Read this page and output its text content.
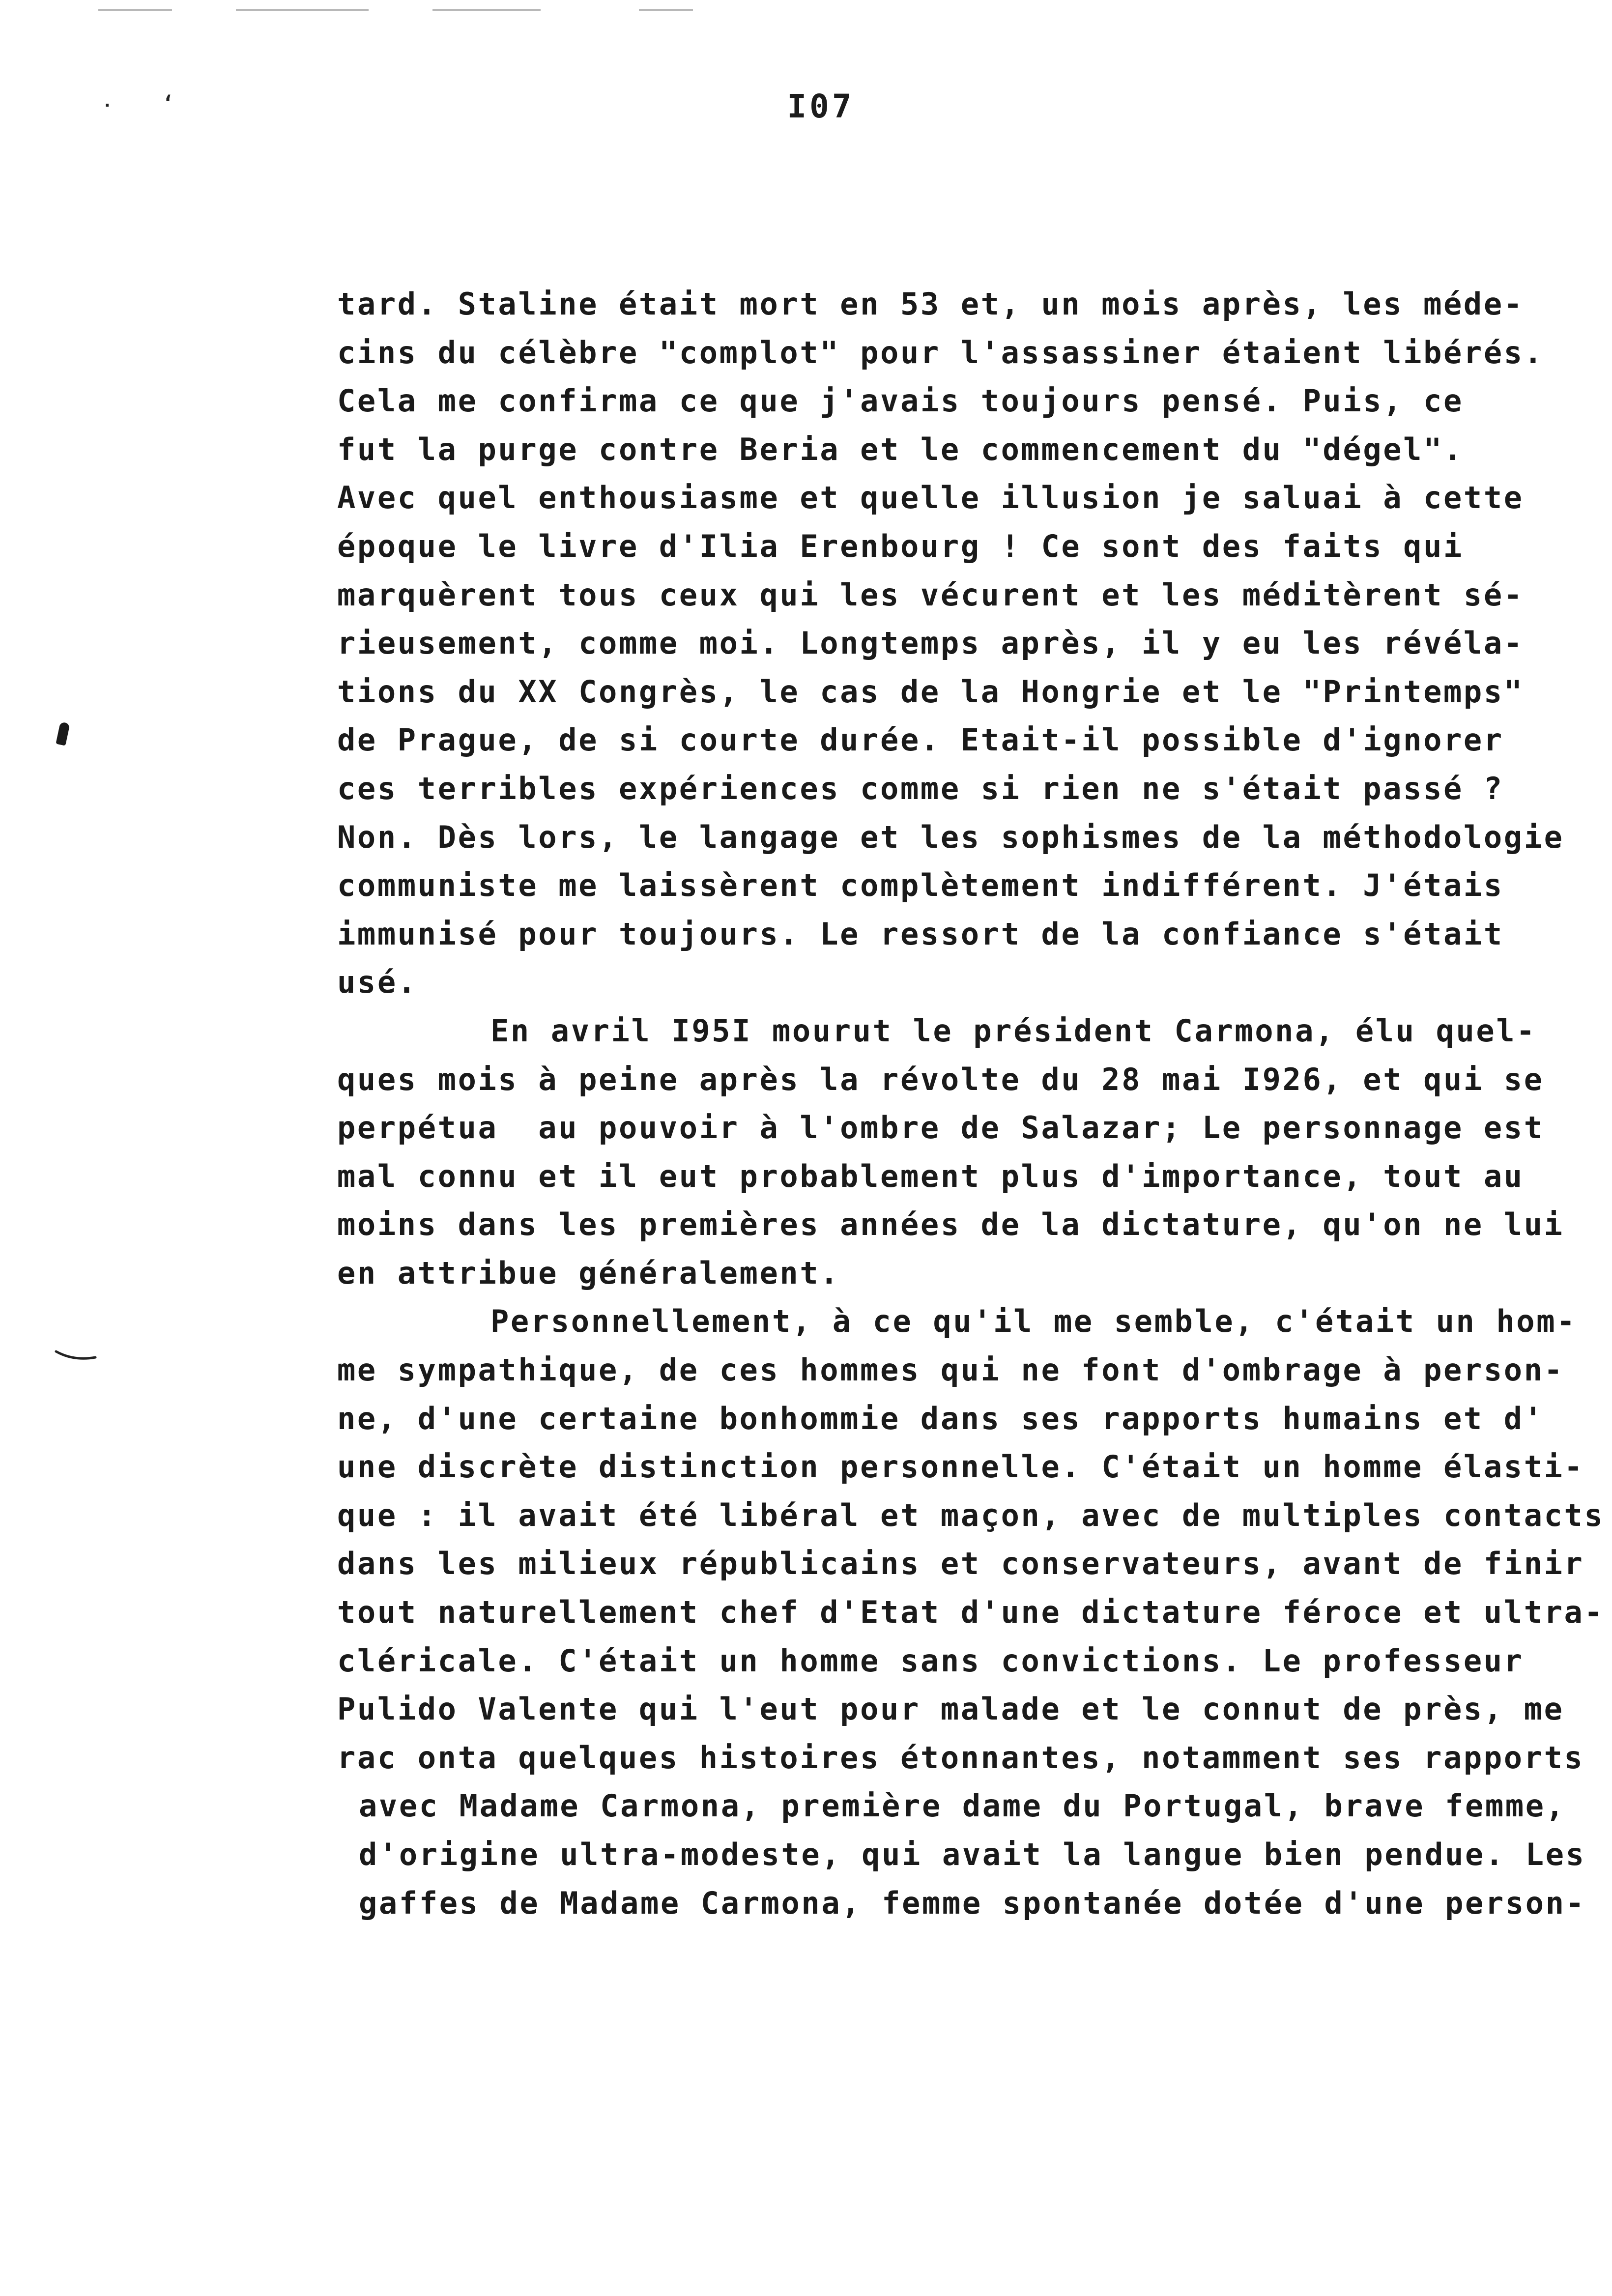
·	‘	I07
tard. Staline était mort en 53 et, un mois après, les méde-
cins du célèbre "complot" pour l'assassiner étaient libérés.
Cela me confirma ce que j'avais toujours pensé. Puis, ce
fut la purge contre Beria et le commencement du "dégel".
Avec quel enthousiasme et quelle illusion je saluai à cette
époque le livre d'Ilia Erenbourg ! Ce sont des faits qui
marquèrent tous ceux qui les vécurent et les méditèrent sé-
rieusement, comme moi. Longtemps après, il y eu les révéla-
tions du XX Congrès, le cas de la Hongrie et le "Printemps"
de Prague, de si courte durée. Etait-il possible d'ignorer
ces terribles expériences comme si rien ne s'était passé ?
Non. Dès lors, le langage et les sophismes de la méthodologie
communiste me laissèrent complètement indifférent. J'étais
immunisé pour toujours. Le ressort de la confiance s'était
usé.
En avril I95I mourut le président Carmona, élu quel-
ques mois à peine après la révolte du 28 mai I926, et qui se
perpétua  au pouvoir à l'ombre de Salazar; Le personnage est
mal connu et il eut probablement plus d'importance, tout au
moins dans les premières années de la dictature, qu'on ne lui
en attribue généralement.
Personnellement, à ce qu'il me semble, c'était un hom-
me sympathique, de ces hommes qui ne font d'ombrage à person-
ne, d'une certaine bonhommie dans ses rapports humains et d'
une discrète distinction personnelle. C'était un homme élasti-
que : il avait été libéral et maçon, avec de multiples contacts
dans les milieux républicains et conservateurs, avant de finir
tout naturellement chef d'Etat d'une dictature féroce et ultra-
cléricale. C'était un homme sans convictions. Le professeur
Pulido Valente qui l'eut pour malade et le connut de près, me
rac onta quelques histoires étonnantes, notamment ses rapports
avec Madame Carmona, première dame du Portugal, brave femme,
d'origine ultra-modeste, qui avait la langue bien pendue. Les
gaffes de Madame Carmona, femme spontanée dotée d'une person-
